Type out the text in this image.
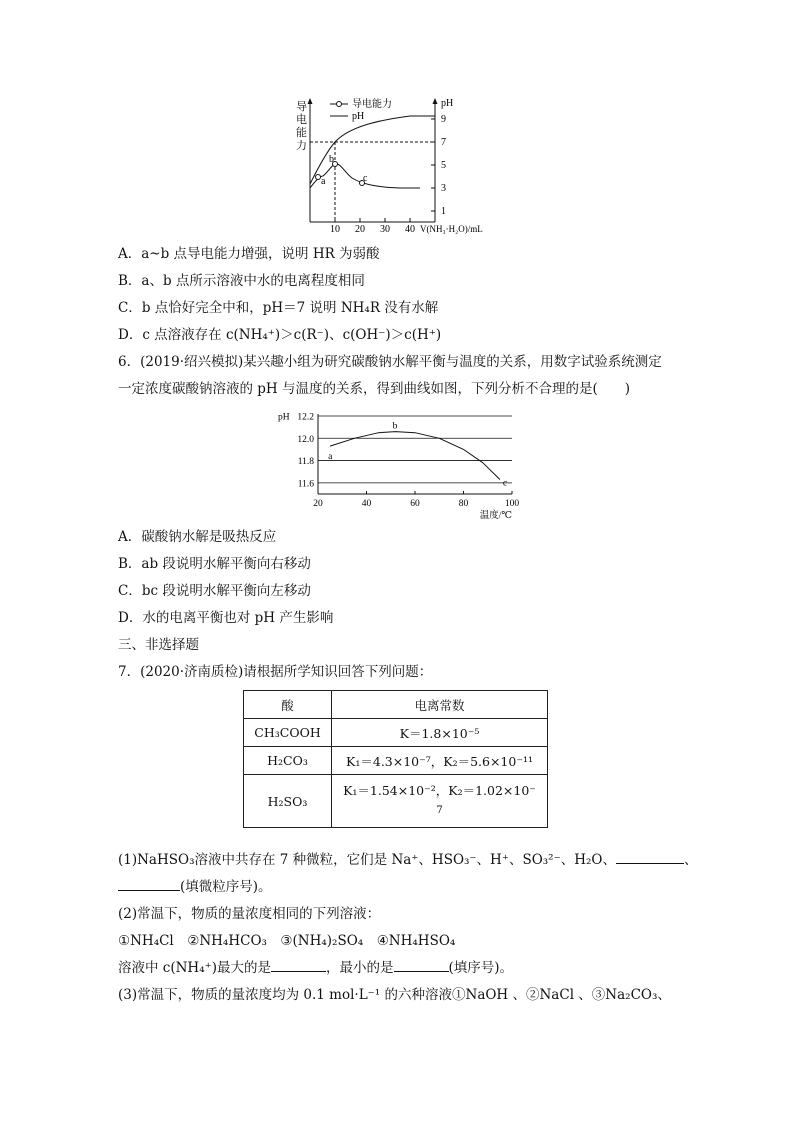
9
7
5
3
1
pH
10 20 30 40 V(NH₃·H₂O)/mL
a
b
c
导电能力
pH
导电能力
A．a~b 点导电能力增强，说明 HR 为弱酸
B．a、b 点所示溶液中水的电离程度相同
C．b 点恰好完全中和，pH＝7 说明 NH₄R 没有水解
D．c 点溶液存在 c(NH₄⁺)＞c(R⁻)、c(OH⁻)＞c(H⁺)
6．(2019·绍兴模拟)某兴趣小组为研究碳酸钠水解平衡与温度的关系，用数字试验系统测定
一定浓度碳酸钠溶液的 pH 与温度的关系，得到曲线如图，下列分析不合理的是(　　)
11.6
11.8
12.0
12.2
pH
20	40	60	80	100
温度/℃
a
b
c
A．碳酸钠水解是吸热反应
B．ab 段说明水解平衡向右移动
C．bc 段说明水解平衡向左移动
D．水的电离平衡也对 pH 产生影响
三、非选择题
7．(2020·济南质检)请根据所学知识回答下列问题：
酸	电离常数
CH₃COOH	K＝1.8×10⁻⁵
H₂CO₃	K₁＝4.3×10⁻⁷，K₂＝5.6×10⁻¹¹
H₂SO₃	K₁＝1.54×10⁻²，K₂＝1.02×10⁻
7
(1)NaHSO₃溶液中共存在 7 种微粒，它们是 Na⁺、HSO₃⁻、H⁺、SO₃²⁻、H₂O、	、
(填微粒序号)。
(2)常温下，物质的量浓度相同的下列溶液：
①NH₄Cl　②NH₄HCO₃　③(NH₄)₂SO₄　④NH₄HSO₄
溶液中 c(NH₄⁺)最大的是	，最小的是	(填序号)。
(3)常温下，物质的量浓度均为 0.1 mol·L⁻¹ 的六种溶液①NaOH 、②NaCl 、③Na₂CO₃、
